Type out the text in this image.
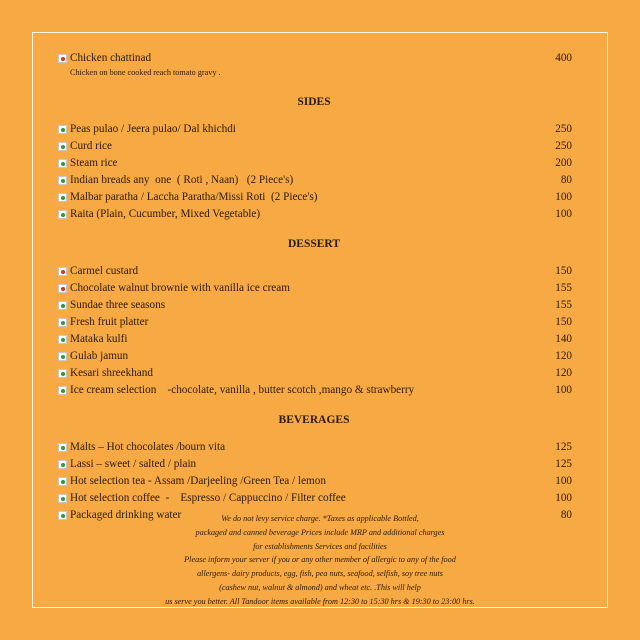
Chicken chattinad	400
Chicken on bone cooked reach tomato gravy .
SIDES
Peas pulao / Jeera pulao/ Dal khichdi	250
Curd rice	250
Steam rice	200
Indian breads any  one  ( Roti , Naan)   (2 Piece's)	80
Malbar paratha / Laccha Paratha/Missi Roti  (2 Piece's)	100
Raita (Plain, Cucumber, Mixed Vegetable)	100
DESSERT
Carmel custard	150
Chocolate walnut brownie with vanilla ice cream	155
Sundae three seasons	155
Fresh fruit platter	150
Mataka kulfi	140
Gulab jamun	120
Kesari shreekhand	120
Ice cream selection    -chocolate, vanilla , butter scotch ,mango & strawberry	100
BEVERAGES
Malts – Hot chocolates /bourn vita	125
Lassi – sweet / salted / plain	125
Hot selection tea - Assam /Darjeeling /Green Tea / lemon	100
Hot selection coffee  -    Espresso / Cappuccino / Filter coffee	100
Packaged drinking water	80
We do not levy service charge. *Taxes as applicable Bottled,
packaged and canned beverage Prices include MRP and additional charges
for establishments Services and facilities
Please inform your server if you or any other member of allergic to any of the food
allergens- dairy products, egg, fish, pea nuts, seafood, selfish, soy tree nuts
(cashew nut, walnut & almond) and wheat etc. .This will help
us serve you better. All Tandoor items available from 12:30 to 15:30 hrs & 19:30 to 23:00 hrs.
